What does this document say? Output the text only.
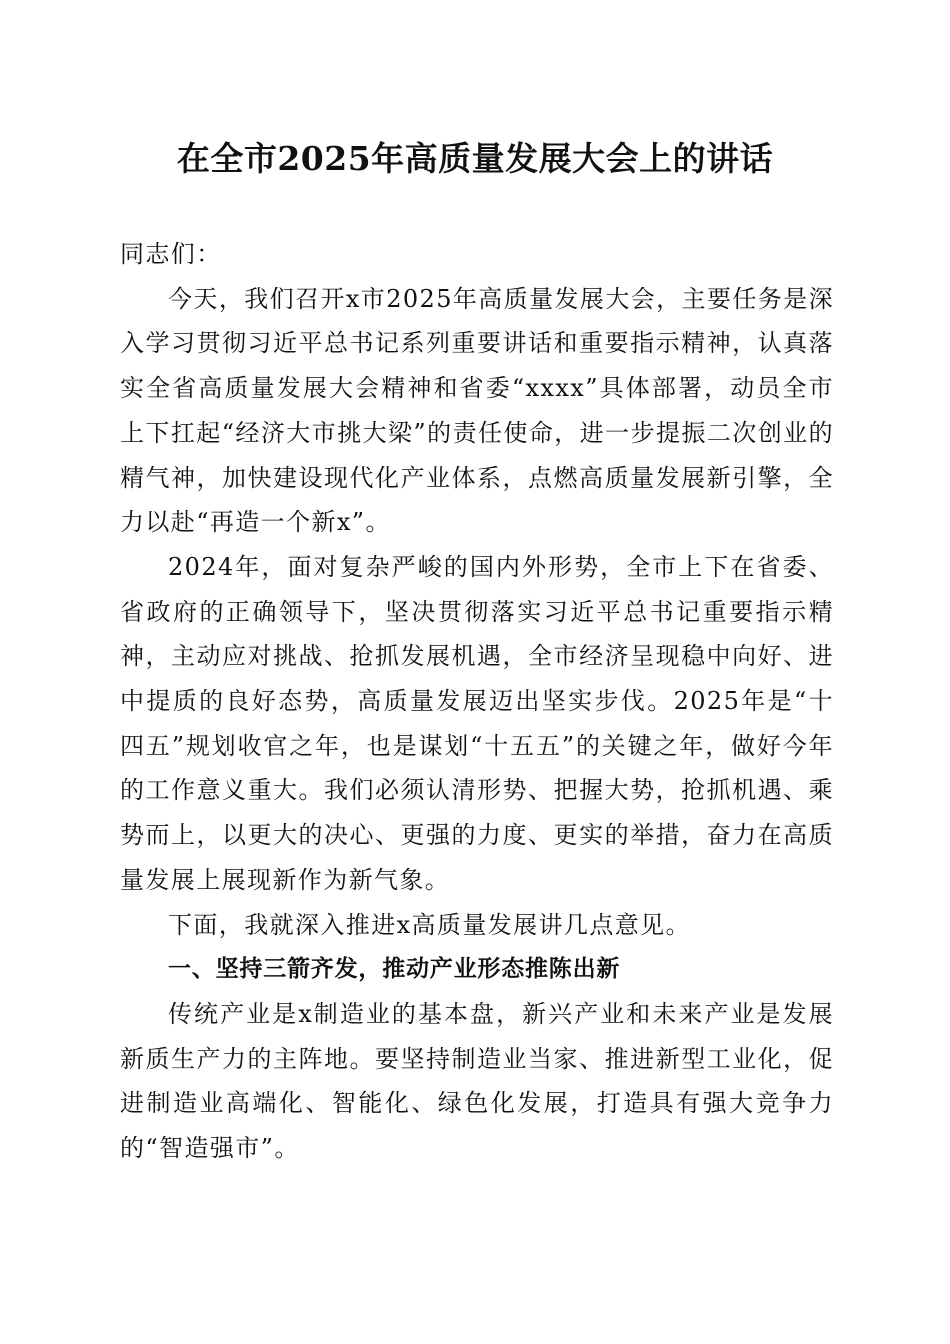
在全市2025年高质量发展大会上的讲话

同志们：

今天，我们召开x市2025年高质量发展大会，主要任务是深入学习贯彻习近平总书记系列重要讲话和重要指示精神，认真落实全省高质量发展大会精神和省委“xxxx”具体部署，动员全市上下扛起“经济大市挑大梁”的责任使命，进一步提振二次创业的精气神，加快建设现代化产业体系，点燃高质量发展新引擎，全力以赴“再造一个新x”。

2024年，面对复杂严峻的国内外形势，全市上下在省委、省政府的正确领导下，坚决贯彻落实习近平总书记重要指示精神，主动应对挑战、抢抓发展机遇，全市经济呈现稳中向好、进中提质的良好态势，高质量发展迈出坚实步伐。2025年是“十四五”规划收官之年，也是谋划“十五五”的关键之年，做好今年的工作意义重大。我们必须认清形势、把握大势，抢抓机遇、乘势而上，以更大的决心、更强的力度、更实的举措，奋力在高质量发展上展现新作为新气象。

下面，我就深入推进x高质量发展讲几点意见。

一、坚持三箭齐发，推动产业形态推陈出新

传统产业是x制造业的基本盘，新兴产业和未来产业是发展新质生产力的主阵地。要坚持制造业当家、推进新型工业化，促进制造业高端化、智能化、绿色化发展，打造具有强大竞争力的“智造强市”。
